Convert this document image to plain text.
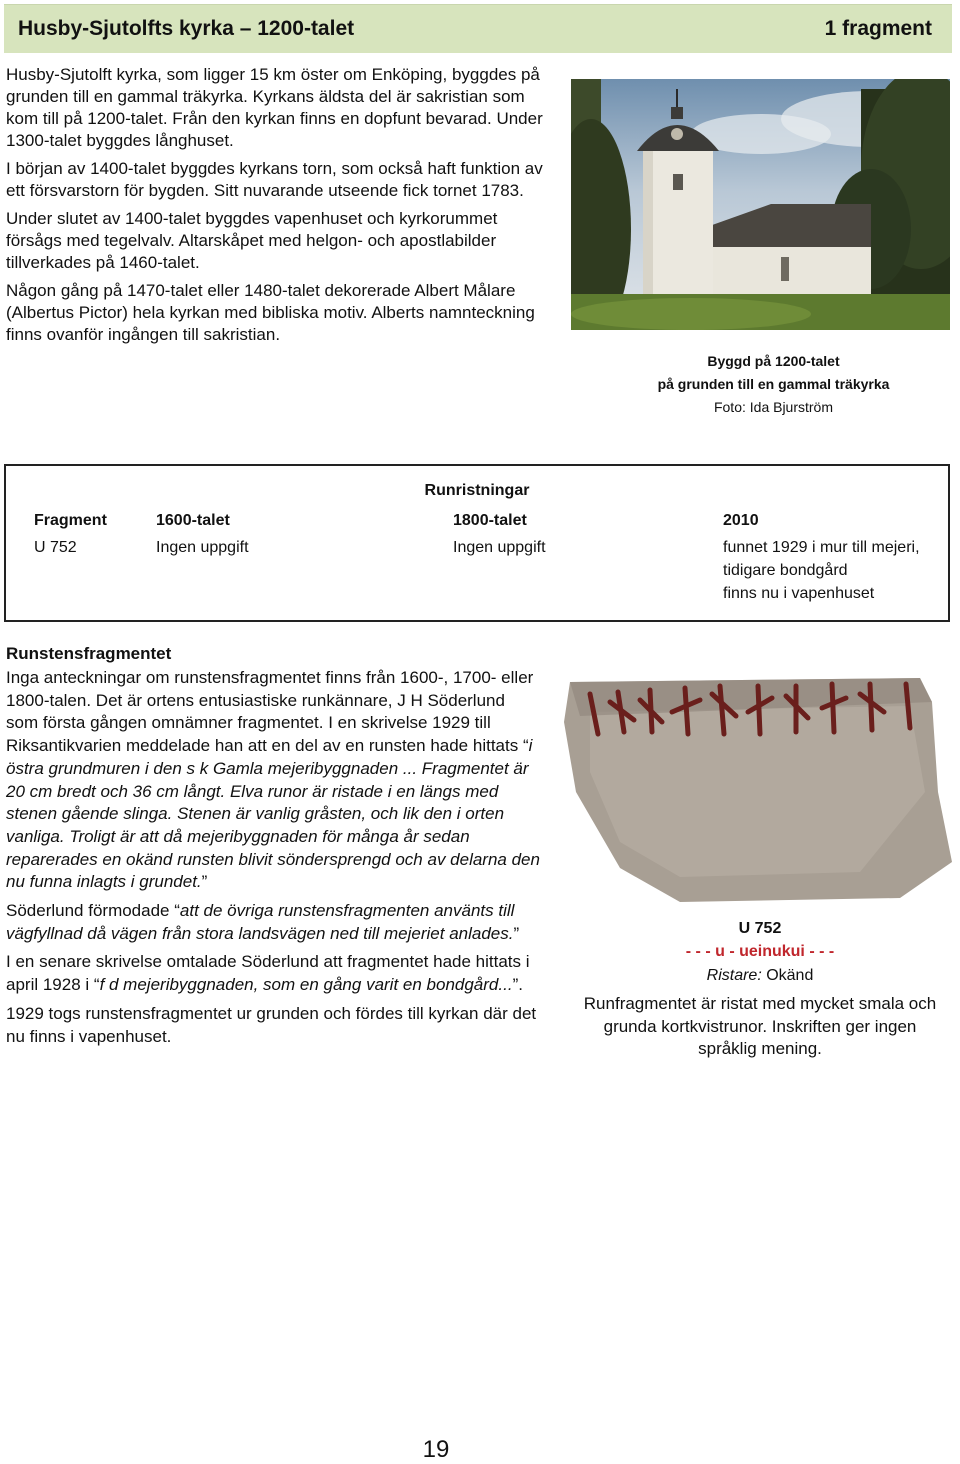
Husby-Sjutolfts kyrka – 1200-talet	1 fragment

Husby-Sjutolft kyrka, som ligger 15 km öster om Enköping, byggdes på grunden till en gammal träkyrka. Kyrkans äldsta del är sakristian som kom till på 1200-talet. Från den kyrkan finns en dopfunt bevarad. Under 1300-talet byggdes långhuset.

I början av 1400-talet byggdes kyrkans torn, som också haft funktion av ett försvarstorn för bygden. Sitt nuvarande utseende fick tornet 1783.

Under slutet av 1400-talet byggdes vapenhuset och kyrkorummet försågs med tegelvalv. Altarskåpet med helgon- och apostlabilder tillverkades på 1460-talet.

Någon gång på 1470-talet eller 1480-talet dekorerade Albert Målare (Albertus Pictor) hela kyrkan med bibliska motiv. Alberts namnteckning finns ovanför ingången till sakristian.

Byggd på 1200-talet
på grunden till en gammal träkyrka
Foto: Ida Bjurström
Runristningar
Fragment	1600-talet	1800-talet	2010
U 752	Ingen uppgift	Ingen uppgift	funnet 1929 i mur till mejeri,
tidigare bondgård
finns nu i vapenhuset
Runstensfragmentet

Inga anteckningar om runstensfragmentet finns från 1600-, 1700- eller 1800-talen. Det är ortens entusiastiske runkännare, J H Söderlund som första gången omnämner fragmentet. I en skrivelse 1929 till Riksantikvarien meddelade han att en del av en runsten hade hittats “i östra grundmuren i den s k Gamla mejeribyggnaden ... Fragmentet är 20 cm bredt och 36 cm långt. Elva runor är ristade i en längs med stenen gående slinga. Stenen är vanlig gråsten, och lik den i orten vanliga. Troligt är att då mejeribyggnaden för många år sedan reparerades en okänd runsten blivit söndersprengd och av delarna den nu funna inlagts i grundet.”

Söderlund förmodade “att de övriga runstensfragmenten använts till vägfyllnad då vägen från stora landsvägen ned till mejeriet anlades.”

I en senare skrivelse omtalade Söderlund att fragmentet hade hittats i april 1928 i “f d mejeribyggnaden, som en gång varit en bondgård...”.

1929 togs runstensfragmentet ur grunden och fördes till kyrkan där det nu finns i vapenhuset.

U 752
- - - u - ueinukui - - -
Ristare: Okänd
Runfragmentet är ristat med mycket smala och grunda kortkvistrunor. Inskriften ger ingen språklig mening.
19
